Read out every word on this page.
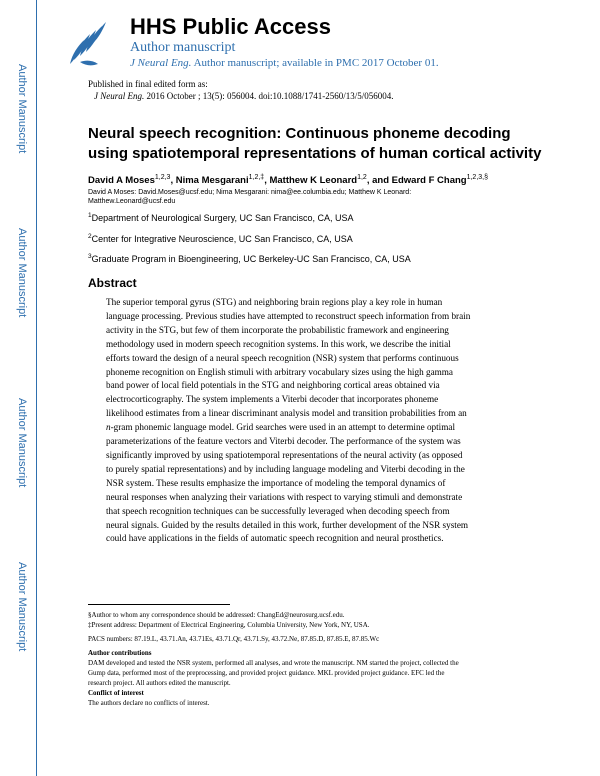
Author Manuscript
Author Manuscript
Author Manuscript
Author Manuscript
HHS Public Access
Author manuscript
J Neural Eng. Author manuscript; available in PMC 2017 October 01.
Published in final edited form as:
J Neural Eng. 2016 October ; 13(5): 056004. doi:10.1088/1741-2560/13/5/056004.
Neural speech recognition: Continuous phoneme decoding
using spatiotemporal representations of human cortical activity
David A Moses$^{1,2,3}$, Nima Mesgarani$^{1,2,\ddagger}$, Matthew K Leonard$^{1,2}$, and Edward F Chang$^{1,2,3,\S}$
David A Moses: David.Moses@ucsf.edu; Nima Mesgarani: nima@ee.columbia.edu; Matthew K Leonard:
Matthew.Leonard@ucsf.edu
$^1$Department of Neurological Surgery, UC San Francisco, CA, USA
$^2$Center for Integrative Neuroscience, UC San Francisco, CA, USA
$^3$Graduate Program in Bioengineering, UC Berkeley-UC San Francisco, CA, USA
Abstract
The superior temporal gyrus (STG) and neighboring brain regions play a key role in human
language processing. Previous studies have attempted to reconstruct speech information from brain
activity in the STG, but few of them incorporate the probabilistic framework and engineering
methodology used in modern speech recognition systems. In this work, we describe the initial
efforts toward the design of a neural speech recognition (NSR) system that performs continuous
phoneme recognition on English stimuli with arbitrary vocabulary sizes using the high gamma
band power of local field potentials in the STG and neighboring cortical areas obtained via
electrocorticography. The system implements a Viterbi decoder that incorporates phoneme
likelihood estimates from a linear discriminant analysis model and transition probabilities from an
n-gram phonemic language model. Grid searches were used in an attempt to determine optimal
parameterizations of the feature vectors and Viterbi decoder. The performance of the system was
significantly improved by using spatiotemporal representations of the neural activity (as opposed
to purely spatial representations) and by including language modeling and Viterbi decoding in the
NSR system. These results emphasize the importance of modeling the temporal dynamics of
neural responses when analyzing their variations with respect to varying stimuli and demonstrate
that speech recognition techniques can be successfully leveraged when decoding speech from
neural signals. Guided by the results detailed in this work, further development of the NSR system
could have applications in the fields of automatic speech recognition and neural prosthetics.
§Author to whom any correspondence should be addressed: ChangEd@neurosurg.ucsf.edu.
‡Present address: Department of Electrical Engineering, Columbia University, New York, NY, USA.
PACS numbers: 87.19.L, 43.71.An, 43.71Es, 43.71.Qr, 43.71.Sy, 43.72.Ne, 87.85.D, 87.85.E, 87.85.Wc
Author contributions
DAM developed and tested the NSR system, performed all analyses, and wrote the manuscript. NM started the project, collected the
Gump data, performed most of the preprocessing, and provided project guidance. MKL provided project guidance. EFC led the
research project. All authors edited the manuscript.
Conflict of interest
The authors declare no conflicts of interest.
